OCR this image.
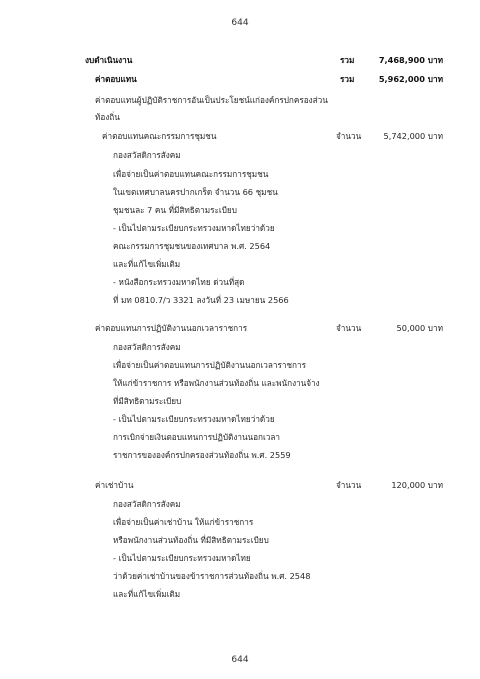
644
644
งบดำเนินงาน	รวม	7,468,900 บาท
ค่าตอบแทน	รวม	5,962,000 บาท
ค่าตอบแทนผู้ปฏิบัติราชการอันเป็นประโยชน์แก่องค์กรปกครองส่วน
ท้องถิ่น
ค่าตอบแทนคณะกรรมการชุมชน	จำนวน	5,742,000 บาท
กองสวัสดิการสังคม
เพื่อจ่ายเป็นค่าตอบแทนคณะกรรมการชุมชน
ในเขตเทศบาลนครปากเกร็ด จำนวน 66 ชุมชน
ชุมชนละ 7 คน ที่มีสิทธิตามระเบียบ
- เป็นไปตามระเบียบกระทรวงมหาดไทยว่าด้วย
คณะกรรมการชุมชนของเทศบาล พ.ศ. 2564
และที่แก้ไขเพิ่มเติม
- หนังสือกระทรวงมหาดไทย ด่วนที่สุด
ที่ มท 0810.7/ว 3321 ลงวันที่ 23 เมษายน 2566
ค่าตอบแทนการปฏิบัติงานนอกเวลาราชการ	จำนวน	50,000 บาท
กองสวัสดิการสังคม
เพื่อจ่ายเป็นค่าตอบแทนการปฏิบัติงานนอกเวลาราชการ
ให้แก่ข้าราชการ หรือพนักงานส่วนท้องถิ่น และพนักงานจ้าง
ที่มีสิทธิตามระเบียบ
- เป็นไปตามระเบียบกระทรวงมหาดไทยว่าด้วย
การเบิกจ่ายเงินตอบแทนการปฏิบัติงานนอกเวลา
ราชการขององค์กรปกครองส่วนท้องถิ่น พ.ศ. 2559
ค่าเช่าบ้าน	จำนวน	120,000 บาท
กองสวัสดิการสังคม
เพื่อจ่ายเป็นค่าเช่าบ้าน ให้แก่ข้าราชการ
หรือพนักงานส่วนท้องถิ่น ที่มีสิทธิตามระเบียบ
- เป็นไปตามระเบียบกระทรวงมหาดไทย
ว่าด้วยค่าเช่าบ้านของข้าราชการส่วนท้องถิ่น พ.ศ. 2548
และที่แก้ไขเพิ่มเติม
